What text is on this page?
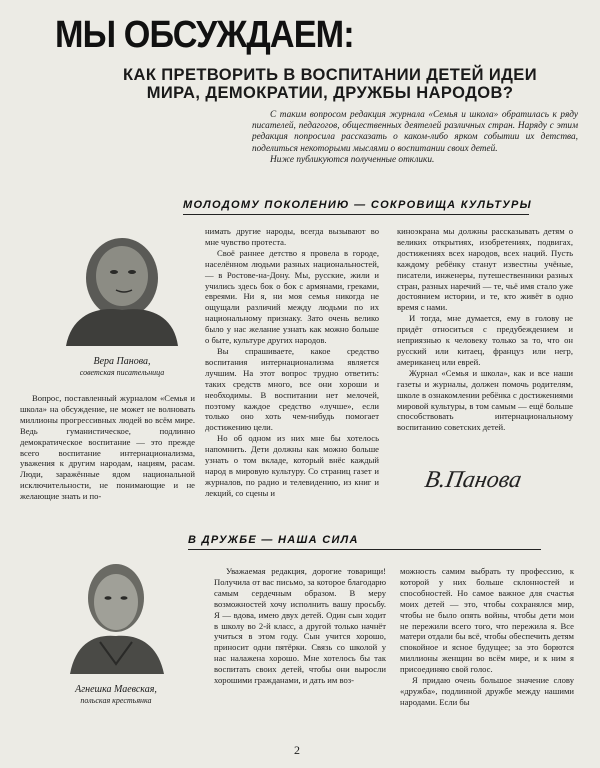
МЫ ОБСУЖДАЕМ:
КАК ПРЕТВОРИТЬ В ВОСПИТАНИИ ДЕТЕЙ ИДЕИ
МИРА, ДЕМОКРАТИИ, ДРУЖБЫ НАРОДОВ?

С таким вопросом редакция журнала «Семья и школа» обратилась к ряду писателей, педагогов, общественных деятелей различных стран. Наряду с этим редакция попросила рассказать о каком-либо ярком событии их детства, поделиться некоторыми мыслями о воспитании своих детей.

Ниже публикуются полученные отклики.

МОЛОДОМУ ПОКОЛЕНИЮ — СОКРОВИЩА КУЛЬТУРЫ
Вера Панова,
советская писательница

Вопрос, поставленный журналом «Семья и школа» на обсуждение, не может не волновать миллионы прогрессивных людей во всём мире. Ведь гуманистическое, подлинно демократическое воспитание — это прежде всего воспитание интернационализма, уважения к другим народам, нациям, расам. Люди, заражённые ядом национальной исключительности, не понимающие и не желающие знать и по-

нимать другие народы, всегда вызывают во мне чувство протеста.

Своё раннее детство я провела в городе, населённом людьми разных национальностей,— в Ростове-на-Дону. Мы, русские, жили и учились здесь бок о бок с армянами, греками, евреями. Ни я, ни моя семья никогда не ощущали различий между людьми по их национальному признаку. Зато очень велико было у нас желание узнать как можно больше о быте, культуре других народов.

Вы спрашиваете, какое средство воспитания интернационализма является лучшим. На этот вопрос трудно ответить: таких средств много, все они хороши и необходимы. В воспитании нет мелочей, поэтому каждое средство «лучше», если только оно хоть чем-нибудь помогает достижению цели.

Но об одном из них мне бы хотелось напомнить. Дети должны как можно больше узнать о том вкладе, который внёс каждый народ в мировую культуру. Со страниц газет и журналов, по радио и телевидению, из книг и лекций, со сцены и

киноэкрана мы должны рассказывать детям о великих открытиях, изобретениях, подвигах, достижениях всех народов, всех наций. Пусть каждому ребёнку станут известны учёные, писатели, инженеры, путешественники разных стран, разных наречий — те, чьё имя стало уже достоянием истории, и те, кто живёт в одно время с нами.

И тогда, мне думается, ему в голову не придёт относиться с предубеждением и неприязнью к человеку только за то, что он русский или китаец, француз или негр, американец или еврей.

Журнал «Семья и школа», как и все наши газеты и журналы, должен помочь родителям, школе в ознакомлении ребёнка с достижениями мировой культуры, в том самым — ещё больше способствовать интернациональному воспитанию советских детей.

В.Панова
В ДРУЖБЕ — НАША СИЛА
Агнешка Маевская,
польская крестьянка

Уважаемая редакция, дорогие товарищи! Получила от вас письмо, за которое благодарю самым сердечным образом. В меру возможностей хочу исполнить вашу просьбу. Я — вдова, имею двух детей. Один сын ходит в школу во 2-й класс, а другой только начнёт учиться в этом году. Сын учится хорошо, приносит одни пятёрки. Связь со школой у нас налажена хорошо. Мне хотелось бы так воспитать своих детей, чтобы они выросли хорошими гражданами, и дать им воз-

можность самим выбрать ту профессию, к которой у них больше склонностей и способностей. Но самое важное для счастья моих детей — это, чтобы сохранялся мир, чтобы не было опять войны, чтобы дети мои не пережили всего того, что пережила я. Все матери отдали бы всё, чтобы обеспечить детям спокойное и ясное будущее; за это борются миллионы женщин во всём мире, и к ним я присоединяю свой голос.

Я придаю очень большое значение слову «дружба», подлинной дружбе между нашими народами. Если бы

2
